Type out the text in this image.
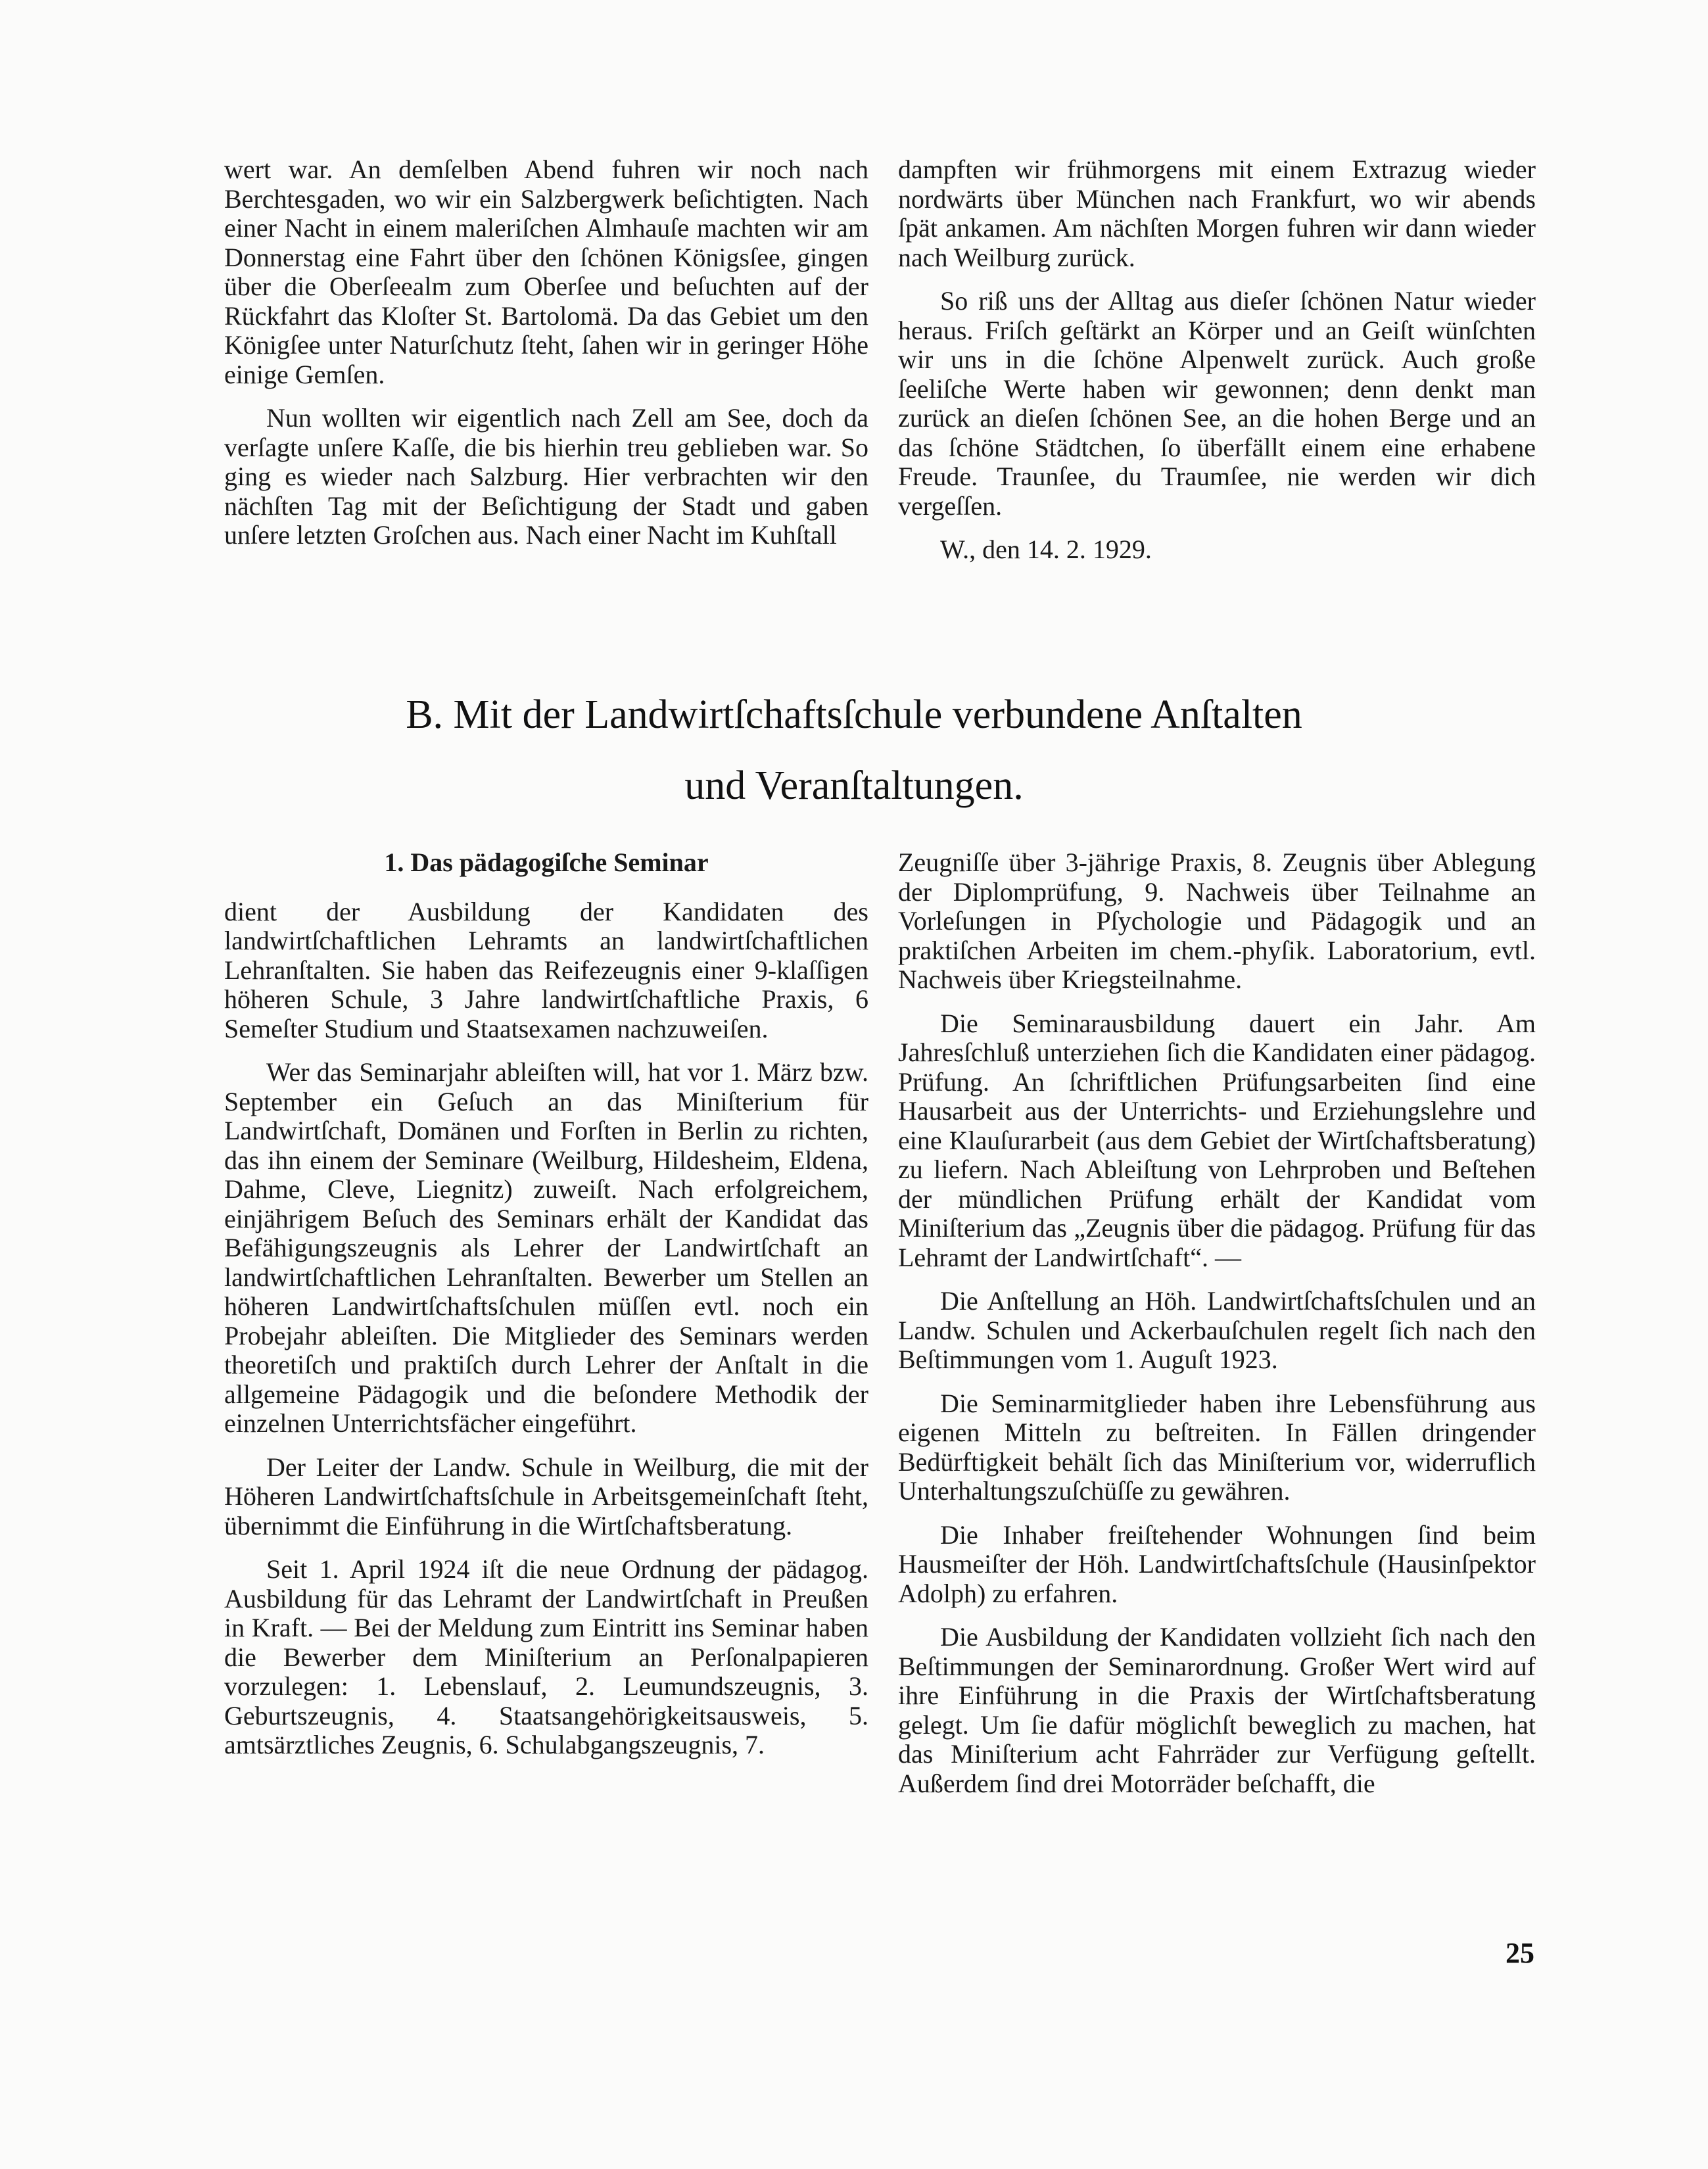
wert war. An demſelben Abend fuhren wir noch nach Berchtesgaden, wo wir ein Salzbergwerk beſichtigten. Nach einer Nacht in einem maleriſchen Almhauſe machten wir am Donnerstag eine Fahrt über den ſchönen Königsſee, gingen über die Oberſeealm zum Oberſee und beſuchten auf der Rückfahrt das Kloſter St. Bartolomä. Da das Gebiet um den Königſee unter Naturſchutz ſteht, ſahen wir in geringer Höhe einige Gemſen.

Nun wollten wir eigentlich nach Zell am See, doch da verſagte unſere Kaſſe, die bis hierhin treu geblieben war. So ging es wieder nach Salzburg. Hier verbrachten wir den nächſten Tag mit der Beſichtigung der Stadt und gaben unſere letzten Groſchen aus. Nach einer Nacht im Kuhſtall

dampften wir frühmorgens mit einem Extrazug wieder nordwärts über München nach Frankfurt, wo wir abends ſpät ankamen. Am nächſten Morgen fuhren wir dann wieder nach Weilburg zurück.

So riß uns der Alltag aus dieſer ſchönen Natur wieder heraus. Friſch geſtärkt an Körper und an Geiſt wünſchten wir uns in die ſchöne Alpenwelt zurück. Auch große ſeeliſche Werte haben wir gewonnen; denn denkt man zurück an dieſen ſchönen See, an die hohen Berge und an das ſchöne Städtchen, ſo überfällt einem eine erhabene Freude. Traunſee, du Traumſee, nie werden wir dich vergeſſen.

W., den 14. 2. 1929.

B. Mit der Landwirtſchaftsſchule verbundene Anſtalten
und Veranſtaltungen.
1. Das pädagogiſche Seminar

dient der Ausbildung der Kandidaten des landwirtſchaftlichen Lehramts an landwirtſchaftlichen Lehranſtalten. Sie haben das Reifezeugnis einer 9-klaſſigen höheren Schule, 3 Jahre landwirtſchaftliche Praxis, 6 Semeſter Studium und Staatsexamen nachzuweiſen.

Wer das Seminarjahr ableiſten will, hat vor 1. März bzw. September ein Geſuch an das Miniſterium für Landwirtſchaft, Domänen und Forſten in Berlin zu richten, das ihn einem der Seminare (Weilburg, Hildesheim, Eldena, Dahme, Cleve, Liegnitz) zuweiſt. Nach erfolgreichem, einjährigem Beſuch des Seminars erhält der Kandidat das Befähigungszeugnis als Lehrer der Landwirtſchaft an landwirtſchaftlichen Lehranſtalten. Bewerber um Stellen an höheren Landwirtſchaftsſchulen müſſen evtl. noch ein Probejahr ableiſten. Die Mitglieder des Seminars werden theoretiſch und praktiſch durch Lehrer der Anſtalt in die allgemeine Pädagogik und die beſondere Methodik der einzelnen Unterrichtsfächer eingeführt.

Der Leiter der Landw. Schule in Weilburg, die mit der Höheren Landwirtſchaftsſchule in Arbeitsgemeinſchaft ſteht, übernimmt die Einführung in die Wirtſchaftsberatung.

Seit 1. April 1924 iſt die neue Ordnung der pädagog. Ausbildung für das Lehramt der Landwirtſchaft in Preußen in Kraft. — Bei der Meldung zum Eintritt ins Seminar haben die Bewerber dem Miniſterium an Perſonalpapieren vorzulegen: 1. Lebenslauf, 2. Leumundszeugnis, 3. Geburtszeugnis, 4. Staatsangehörigkeitsausweis, 5. amtsärztliches Zeugnis, 6. Schulabgangszeugnis, 7.

Zeugniſſe über 3-jährige Praxis, 8. Zeugnis über Ablegung der Diplomprüfung, 9. Nachweis über Teilnahme an Vorleſungen in Pſychologie und Pädagogik und an praktiſchen Arbeiten im chem.-phyſik. Laboratorium, evtl. Nachweis über Kriegsteilnahme.

Die Seminarausbildung dauert ein Jahr. Am Jahresſchluß unterziehen ſich die Kandidaten einer pädagog. Prüfung. An ſchriftlichen Prüfungsarbeiten ſind eine Hausarbeit aus der Unterrichts- und Erziehungslehre und eine Klauſurarbeit (aus dem Gebiet der Wirtſchaftsberatung) zu liefern. Nach Ableiſtung von Lehrproben und Beſtehen der mündlichen Prüfung erhält der Kandidat vom Miniſterium das „Zeugnis über die pädagog. Prüfung für das Lehramt der Landwirtſchaft“. —

Die Anſtellung an Höh. Landwirtſchaftsſchulen und an Landw. Schulen und Ackerbauſchulen regelt ſich nach den Beſtimmungen vom 1. Auguſt 1923.

Die Seminarmitglieder haben ihre Lebensführung aus eigenen Mitteln zu beſtreiten. In Fällen dringender Bedürftigkeit behält ſich das Miniſterium vor, widerruflich Unterhaltungszuſchüſſe zu gewähren.

Die Inhaber freiſtehender Wohnungen ſind beim Hausmeiſter der Höh. Landwirtſchaftsſchule (Hausinſpektor Adolph) zu erfahren.

Die Ausbildung der Kandidaten vollzieht ſich nach den Beſtimmungen der Seminarordnung. Großer Wert wird auf ihre Einführung in die Praxis der Wirtſchaftsberatung gelegt. Um ſie dafür möglichſt beweglich zu machen, hat das Miniſterium acht Fahrräder zur Verfügung geſtellt. Außerdem ſind drei Motorräder beſchafft, die

25
